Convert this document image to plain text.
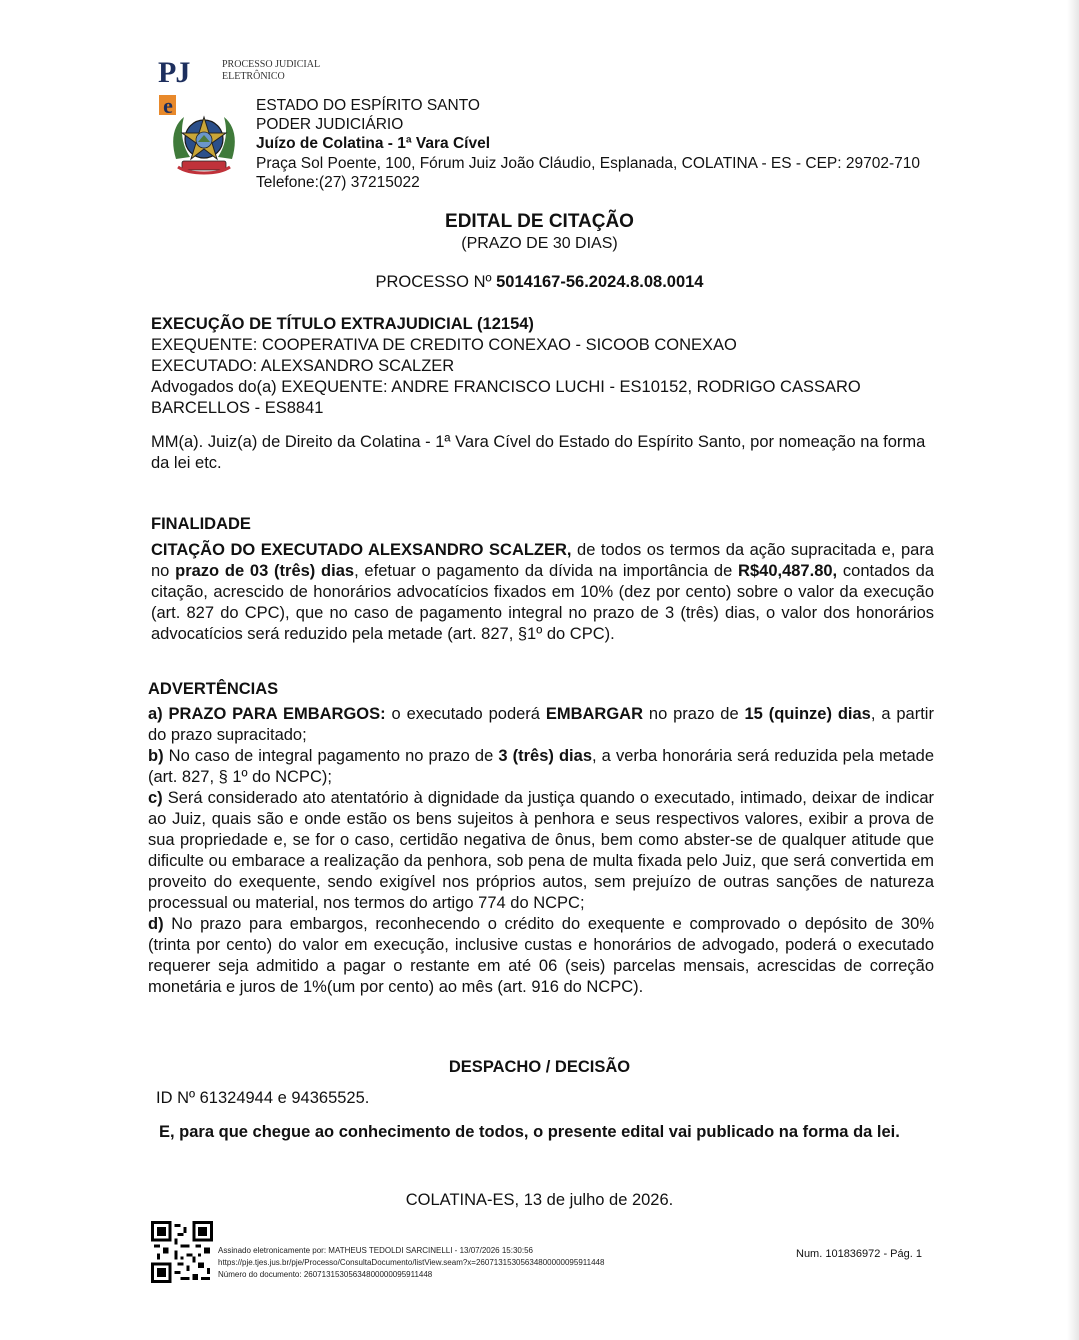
PJe
PROCESSO JUDICIAL
ELETRÔNICO
ESTADO DO ESPÍRITO SANTO
PODER JUDICIÁRIO
Juízo de Colatina - 1ª Vara Cível
Praça Sol Poente, 100, Fórum Juiz João Cláudio, Esplanada, COLATINA - ES - CEP: 29702-710
Telefone:(27) 37215022
EDITAL DE CITAÇÃO
(PRAZO DE 30 DIAS)
PROCESSO Nº 5014167-56.2024.8.08.0014
EXECUÇÃO DE TÍTULO EXTRAJUDICIAL (12154)
EXEQUENTE: COOPERATIVA DE CREDITO CONEXAO - SICOOB CONEXAO
EXECUTADO: ALEXSANDRO SCALZER
Advogados do(a) EXEQUENTE: ANDRE FRANCISCO LUCHI - ES10152, RODRIGO CASSARO BARCELLOS - ES8841
MM(a). Juiz(a) de Direito da Colatina - 1ª Vara Cível do Estado do Espírito Santo, por nomeação na forma da lei etc.
FINALIDADE
CITAÇÃO DO EXECUTADO ALEXSANDRO SCALZER, de todos os termos da ação supracitada e, para no prazo de 03 (três) dias, efetuar o pagamento da dívida na importância de R$40,487.80, contados da citação, acrescido de honorários advocatícios fixados em 10% (dez por cento) sobre o valor da execução (art. 827 do CPC), que no caso de pagamento integral no prazo de 3 (três) dias, o valor dos honorários advocatícios será reduzido pela metade (art. 827, §1º do CPC).
ADVERTÊNCIAS
a) PRAZO PARA EMBARGOS: o executado poderá EMBARGAR no prazo de 15 (quinze) dias, a partir do prazo supracitado;
b) No caso de integral pagamento no prazo de 3 (três) dias, a verba honorária será reduzida pela metade (art. 827, § 1º do NCPC);
c) Será considerado ato atentatório à dignidade da justiça quando o executado, intimado, deixar de indicar ao Juiz, quais são e onde estão os bens sujeitos à penhora e seus respectivos valores, exibir a prova de sua propriedade e, se for o caso, certidão negativa de ônus, bem como abster-se de qualquer atitude que dificulte ou embarace a realização da penhora, sob pena de multa fixada pelo Juiz, que será convertida em proveito do exequente, sendo exigível nos próprios autos, sem prejuízo de outras sanções de natureza processual ou material, nos termos do artigo 774 do NCPC;
d) No prazo para embargos, reconhecendo o crédito do exequente e comprovado o depósito de 30% (trinta por cento) do valor em execução, inclusive custas e honorários de advogado, poderá o executado requerer seja admitido a pagar o restante em até 06 (seis) parcelas mensais, acrescidas de correção monetária e juros de 1%(um por cento) ao mês (art. 916 do NCPC).
DESPACHO / DECISÃO
ID Nº 61324944 e 94365525.
E, para que chegue ao conhecimento de todos, o presente edital vai publicado na forma da lei.
COLATINA-ES, 13 de julho de 2026.
Assinado eletronicamente por: MATHEUS TEDOLDI SARCINELLI - 13/07/2026 15:30:56
https://pje.tjes.jus.br/pje/Processo/ConsultaDocumento/listView.seam?x=26071315305634800000095911448
Número do documento: 26071315305634800000095911448
Num. 101836972 - Pág. 1
